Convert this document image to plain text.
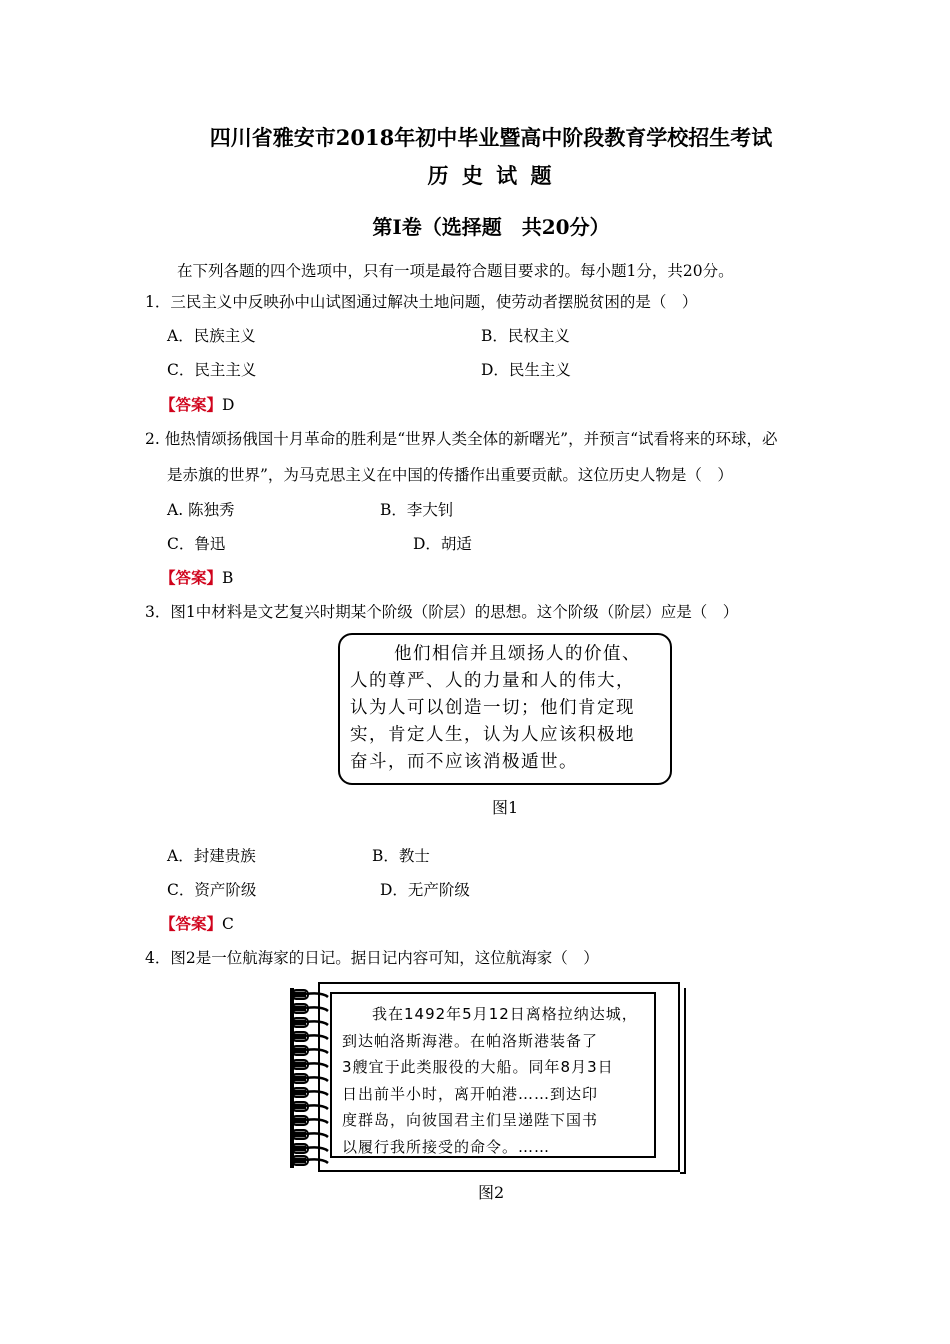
四川省雅安市2018年初中毕业暨高中阶段教育学校招生考试
历 史 试 题
第Ⅰ卷（选择题　共20分）
在下列各题的四个选项中，只有一项是最符合题目要求的。每小题1分，共20分。
1．三民主义中反映孙中山试图通过解决土地问题，使劳动者摆脱贫困的是（　）
A．民族主义	B．民权主义
C．民主主义	D．民生主义
【答案】D
2. 他热情颂扬俄国十月革命的胜利是“世界人类全体的新曙光”，并预言“试看将来的环球，必
是赤旗的世界”，为马克思主义在中国的传播作出重要贡献。这位历史人物是（　）
A. 陈独秀	B．李大钊
C．鲁迅	D．胡适
【答案】B
3．图1中材料是文艺复兴时期某个阶级（阶层）的思想。这个阶级（阶层）应是（　）
他们相信并且颂扬人的价值、
人的尊严、人的力量和人的伟大，
认为人可以创造一切；他们肯定现
实，肯定人生，认为人应该积极地
奋斗，而不应该消极遁世。
图1
A．封建贵族	B．教士
C．资产阶级	D．无产阶级
【答案】C
4．图2是一位航海家的日记。据日记内容可知，这位航海家（　）
我在1492年5月12日离格拉纳达城，
到达帕洛斯海港。在帕洛斯港装备了
3艘宜于此类服役的大船。同年8月3日
日出前半小时，离开帕港……到达印
度群岛，向彼国君主们呈递陛下国书
以履行我所接受的命令。……
图2
